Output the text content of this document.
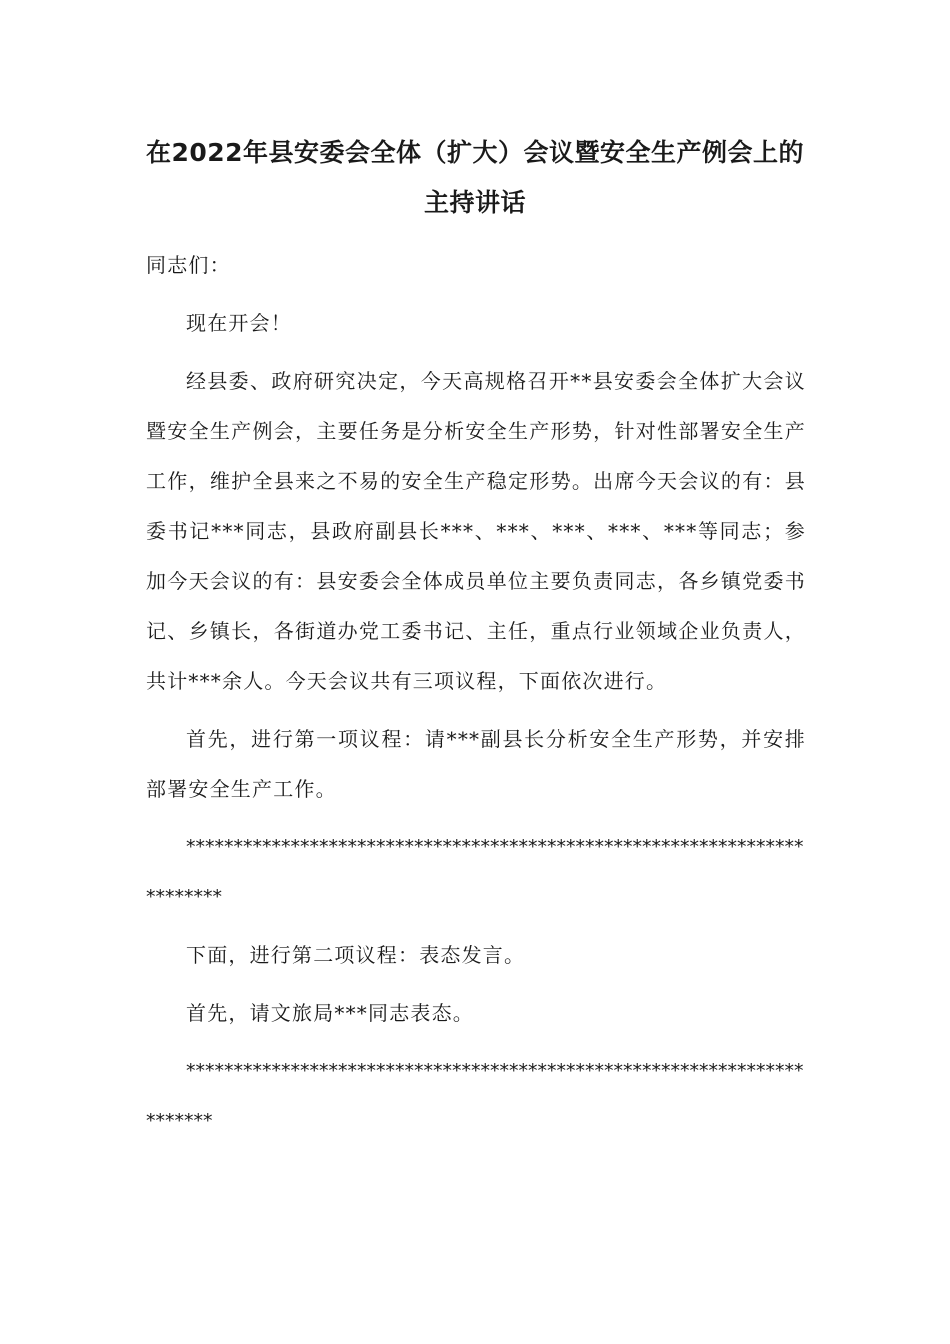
在2022年县安委会全体（扩大）会议暨安全生产例会上的
主持讲话

同志们：

现在开会！

经县委、政府研究决定，今天高规格召开**县安委会全体扩大会议暨安全生产例会，主要任务是分析安全生产形势，针对性部署安全生产工作，维护全县来之不易的安全生产稳定形势。出席今天会议的有：县委书记***同志，县政府副县长***、***、***、***、***等同志；参加今天会议的有：县安委会全体成员单位主要负责同志，各乡镇党委书记、乡镇长，各街道办党工委书记、主任，重点行业领域企业负责人，共计***余人。今天会议共有三项议程，下面依次进行。

首先，进行第一项议程：请***副县长分析安全生产形势，并安排部署安全生产工作。

*************************************************************************

下面，进行第二项议程：表态发言。

首先，请文旅局***同志表态。

************************************************************************
